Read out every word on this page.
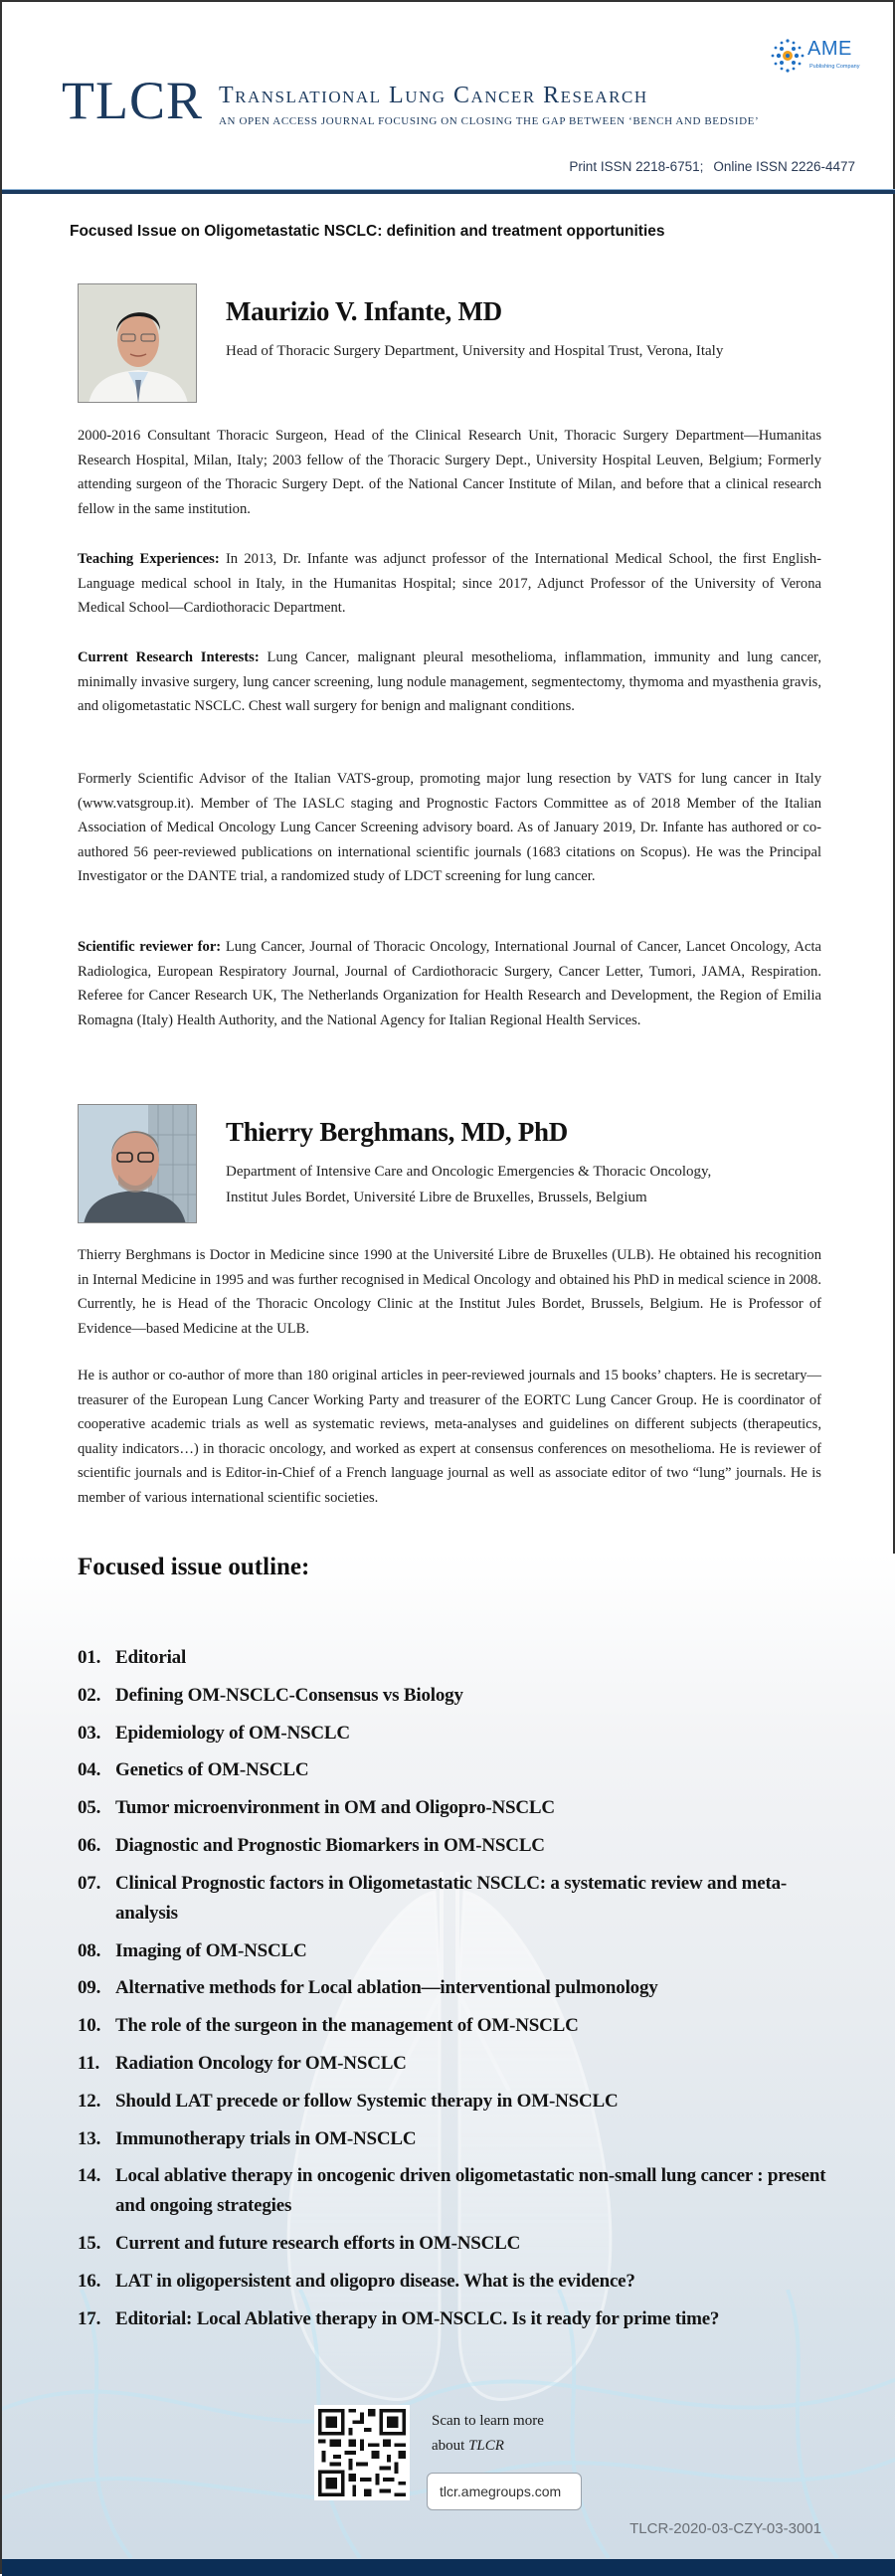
AME
Publishing Company
TLCR Translational Lung Cancer Research
AN OPEN ACCESS JOURNAL FOCUSING ON CLOSING THE GAP BETWEEN ‘BENCH AND BEDSIDE’
Print ISSN 2218-6751; Online ISSN 2226-4477
Focused Issue on Oligometastatic NSCLC: definition and treatment opportunities
Maurizio V. Infante, MD
Head of Thoracic Surgery Department, University and Hospital Trust, Verona, Italy

2000-2016 Consultant Thoracic Surgeon, Head of the Clinical Research Unit, Thoracic Surgery Department—Humanitas Research Hospital, Milan, Italy; 2003 fellow of the Thoracic Surgery Dept., University Hospital Leuven, Belgium; Formerly attending surgeon of the Thoracic Surgery Dept. of the National Cancer Institute of Milan, and before that a clinical research fellow in the same institution.

Teaching Experiences: In 2013, Dr. Infante was adjunct professor of the International Medical School, the first English-Language medical school in Italy, in the Humanitas Hospital; since 2017, Adjunct Professor of the University of Verona Medical School—Cardiothoracic Department.

Current Research Interests: Lung Cancer, malignant pleural mesothelioma, inflammation, immunity and lung cancer, minimally invasive surgery, lung cancer screening, lung nodule management, segmentectomy, thymoma and myasthenia gravis, and oligometastatic NSCLC. Chest wall surgery for benign and malignant conditions.

Formerly Scientific Advisor of the Italian VATS-group, promoting major lung resection by VATS for lung cancer in Italy (www.vatsgroup.it). Member of The IASLC staging and Prognostic Factors Committee as of 2018 Member of the Italian Association of Medical Oncology Lung Cancer Screening advisory board. As of January 2019, Dr. Infante has authored or co-authored 56 peer-reviewed publications on international scientific journals (1683 citations on Scopus). He was the Principal Investigator or the DANTE trial, a randomized study of LDCT screening for lung cancer.

Scientific reviewer for: Lung Cancer, Journal of Thoracic Oncology, International Journal of Cancer, Lancet Oncology, Acta Radiologica, European Respiratory Journal, Journal of Cardiothoracic Surgery, Cancer Letter, Tumori, JAMA, Respiration. Referee for Cancer Research UK, The Netherlands Organization for Health Research and Development, the Region of Emilia Romagna (Italy) Health Authority, and the National Agency for Italian Regional Health Services.

Thierry Berghmans, MD, PhD
Department of Intensive Care and Oncologic Emergencies & Thoracic Oncology,
Institut Jules Bordet, Université Libre de Bruxelles, Brussels, Belgium

Thierry Berghmans is Doctor in Medicine since 1990 at the Université Libre de Bruxelles (ULB). He obtained his recognition in Internal Medicine in 1995 and was further recognised in Medical Oncology and obtained his PhD in medical science in 2008. Currently, he is Head of the Thoracic Oncology Clinic at the Institut Jules Bordet, Brussels, Belgium. He is Professor of Evidence—based Medicine at the ULB.

He is author or co-author of more than 180 original articles in peer-reviewed journals and 15 books’ chapters. He is secretary—treasurer of the European Lung Cancer Working Party and treasurer of the EORTC Lung Cancer Group. He is coordinator of cooperative academic trials as well as systematic reviews, meta-analyses and guidelines on different subjects (therapeutics, quality indicators…) in thoracic oncology, and worked as expert at consensus conferences on mesothelioma. He is reviewer of scientific journals and is Editor-in-Chief of a French language journal as well as associate editor of two “lung” journals. He is member of various international scientific societies.

Focused issue outline:
01. Editorial
02. Defining OM-NSCLC-Consensus vs Biology
03. Epidemiology of OM-NSCLC
04. Genetics of OM-NSCLC
05. Tumor microenvironment in OM and Oligopro-NSCLC
06. Diagnostic and Prognostic Biomarkers in OM-NSCLC
07. Clinical Prognostic factors in Oligometastatic NSCLC: a systematic review and meta-analysis
08. Imaging of OM-NSCLC
09. Alternative methods for Local ablation—interventional pulmonology
10. The role of the surgeon in the management of OM-NSCLC
11. Radiation Oncology for OM-NSCLC
12. Should LAT precede or follow Systemic therapy in OM-NSCLC
13. Immunotherapy trials in OM-NSCLC
14. Local ablative therapy in oncogenic driven oligometastatic non-small lung cancer : present and ongoing strategies
15. Current and future research efforts in OM-NSCLC
16. LAT in oligopersistent and oligopro disease. What is the evidence?
17. Editorial: Local Ablative therapy in OM-NSCLC. Is it ready for prime time?
Scan to learn more
about TLCR
tlcr.amegroups.com
TLCR-2020-03-CZY-03-3001
